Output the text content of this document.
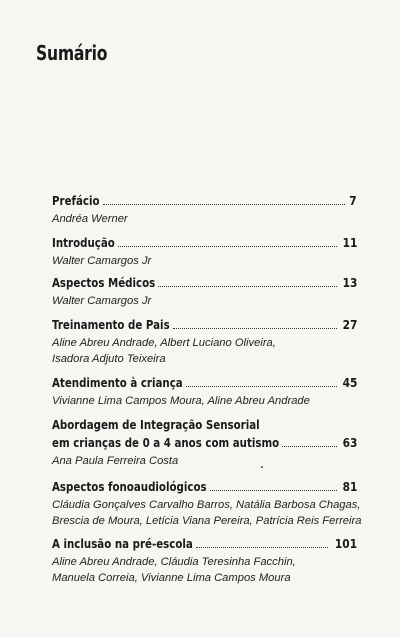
Sumário
Prefácio	7
Andréa Werner
Introdução	11
Walter Camargos Jr
Aspectos Médicos	13
Walter Camargos Jr
Treinamento de Pais	27
Aline Abreu Andrade, Albert Luciano Oliveira,
Isadora Adjuto Teixeira
Atendimento à criança	45
Vivianne Lima Campos Moura, Aline Abreu Andrade
Abordagem de Integração Sensorial
em crianças de 0 a 4 anos com autismo	63
Ana Paula Ferreira Costa
Aspectos fonoaudiológicos	81
Cláudia Gonçalves Carvalho Barros, Natália Barbosa Chagas,
Brescia de Moura, Letícia Viana Pereira, Patrícia Reis Ferreira
A inclusão na pré-escola	101
Aline Abreu Andrade, Cláudia Teresinha Facchin,
Manuela Correia, Vivianne Lima Campos Moura
